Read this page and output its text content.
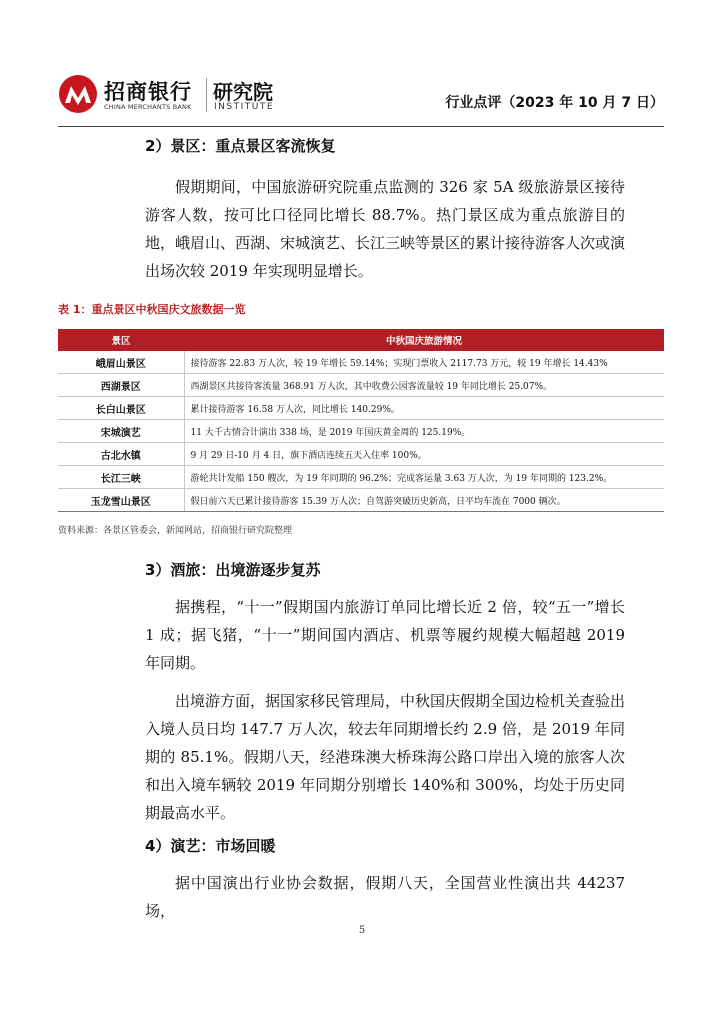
招商银行
CHINA MERCHANTS BANK
研究院
INSTITUTE	行业点评（2023 年 10 月 7 日）
2）景区：重点景区客流恢复

假期期间，中国旅游研究院重点监测的 326 家 5A 级旅游景区接待游客人数，按可比口径同比增长 88.7%。热门景区成为重点旅游目的地，峨眉山、西湖、宋城演艺、长江三峡等景区的累计接待游客人次或演出场次较 2019 年实现明显增长。

表 1：重点景区中秋国庆文旅数据一览
景区	中秋国庆旅游情况
峨眉山景区	接待游客 22.83 万人次，较 19 年增长 59.14%；实现门票收入 2117.73 万元，较 19 年增长 14.43%
西湖景区	西湖景区共接待客流量 368.91 万人次，其中收费公园客流量较 19 年同比增长 25.07%。
长白山景区	累计接待游客 16.58 万人次，同比增长 140.29%。
宋城演艺	11 大千古情合计演出 338 场，是 2019 年国庆黄金周的 125.19%。
古北水镇	9 月 29 日-10 月 4 日，旗下酒店连续五天入住率 100%。
长江三峡	游轮共计发船 150 艘次，为 19 年同期的 96.2%；完成客运量 3.63 万人次，为 19 年同期的 123.2%。
玉龙雪山景区	假日前六天已累计接待游客 15.39 万人次；自驾游突破历史新高，日平均车流在 7000 辆次。
资料来源：各景区管委会，新闻网站，招商银行研究院整理
3）酒旅：出境游逐步复苏

据携程，“十一”假期国内旅游订单同比增长近 2 倍，较“五一”增长 1 成；据飞猪，“十一”期间国内酒店、机票等履约规模大幅超越 2019 年同期。

出境游方面，据国家移民管理局，中秋国庆假期全国边检机关查验出入境人员日均 147.7 万人次，较去年同期增长约 2.9 倍，是 2019 年同期的 85.1%。假期八天，经港珠澳大桥珠海公路口岸出入境的旅客人次和出入境车辆较 2019 年同期分别增长 140%和 300%，均处于历史同期最高水平。

4）演艺：市场回暖

据中国演出行业协会数据，假期八天，全国营业性演出共 44237 场，

5
